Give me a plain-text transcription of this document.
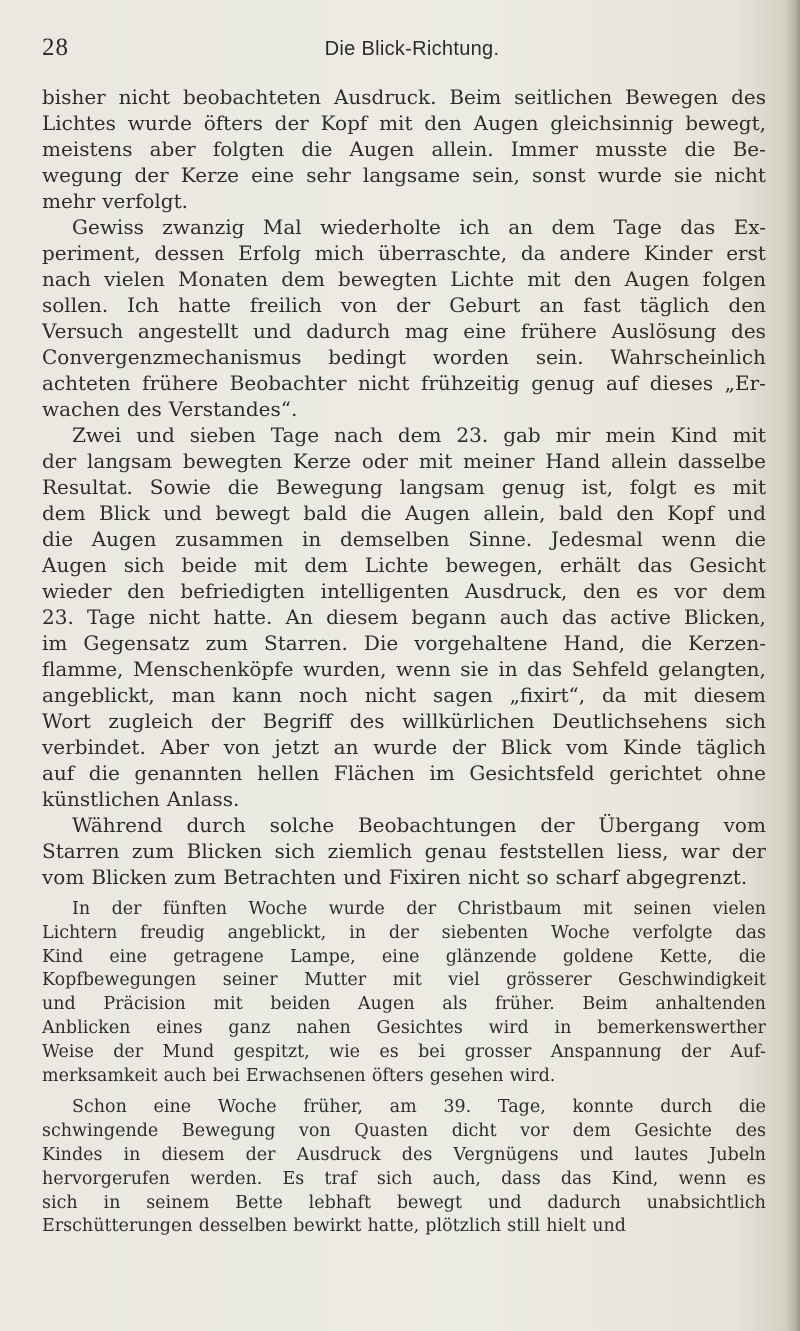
28	Die Blick-Richtung.
bisher nicht beobachteten Ausdruck. Beim seitlichen Bewegen des
Lichtes wurde öfters der Kopf mit den Augen gleichsinnig bewegt,
meistens aber folgten die Augen allein. Immer musste die Be-
wegung der Kerze eine sehr langsame sein, sonst wurde sie nicht
mehr verfolgt.
Gewiss zwanzig Mal wiederholte ich an dem Tage das Ex-
periment, dessen Erfolg mich überraschte, da andere Kinder erst
nach vielen Monaten dem bewegten Lichte mit den Augen folgen
sollen. Ich hatte freilich von der Geburt an fast täglich den
Versuch angestellt und dadurch mag eine frühere Auslösung des
Convergenzmechanismus bedingt worden sein. Wahrscheinlich
achteten frühere Beobachter nicht frühzeitig genug auf dieses „Er-
wachen des Verstandes“.
Zwei und sieben Tage nach dem 23. gab mir mein Kind mit
der langsam bewegten Kerze oder mit meiner Hand allein dasselbe
Resultat. Sowie die Bewegung langsam genug ist, folgt es mit
dem Blick und bewegt bald die Augen allein, bald den Kopf und
die Augen zusammen in demselben Sinne. Jedesmal wenn die
Augen sich beide mit dem Lichte bewegen, erhält das Gesicht
wieder den befriedigten intelligenten Ausdruck, den es vor dem
23. Tage nicht hatte. An diesem begann auch das active Blicken,
im Gegensatz zum Starren. Die vorgehaltene Hand, die Kerzen-
flamme, Menschenköpfe wurden, wenn sie in das Sehfeld gelangten,
angeblickt, man kann noch nicht sagen „fixirt“, da mit diesem
Wort zugleich der Begriff des willkürlichen Deutlichsehens sich
verbindet. Aber von jetzt an wurde der Blick vom Kinde täglich
auf die genannten hellen Flächen im Gesichtsfeld gerichtet ohne
künstlichen Anlass.
Während durch solche Beobachtungen der Übergang vom
Starren zum Blicken sich ziemlich genau feststellen liess, war der
vom Blicken zum Betrachten und Fixiren nicht so scharf abgegrenzt.
In der fünften Woche wurde der Christbaum mit seinen vielen
Lichtern freudig angeblickt, in der siebenten Woche verfolgte das
Kind eine getragene Lampe, eine glänzende goldene Kette, die
Kopfbewegungen seiner Mutter mit viel grösserer Geschwindigkeit
und Präcision mit beiden Augen als früher. Beim anhaltenden
Anblicken eines ganz nahen Gesichtes wird in bemerkenswerther
Weise der Mund gespitzt, wie es bei grosser Anspannung der Auf-
merksamkeit auch bei Erwachsenen öfters gesehen wird.
Schon eine Woche früher, am 39. Tage, konnte durch die
schwingende Bewegung von Quasten dicht vor dem Gesichte des
Kindes in diesem der Ausdruck des Vergnügens und lautes Jubeln
hervorgerufen werden. Es traf sich auch, dass das Kind, wenn es
sich in seinem Bette lebhaft bewegt und dadurch unabsichtlich
Erschütterungen desselben bewirkt hatte, plötzlich still hielt und
